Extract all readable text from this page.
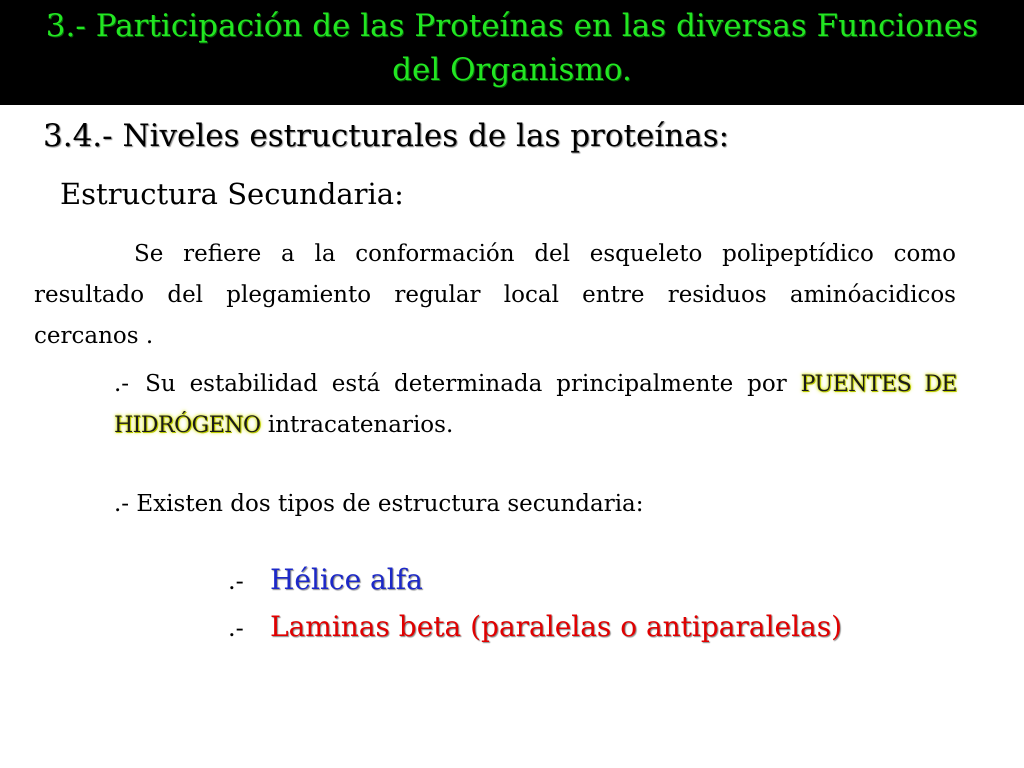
3.- Participación de las Proteínas en las diversas Funciones
del Organismo.
3.4.- Niveles estructurales de las proteínas:
Estructura Secundaria:
Se refiere a la conformación del esqueleto polipeptídico como resultado del plegamiento regular local entre residuos aminóacidicos cercanos .
.- Su estabilidad está determinada principalmente por PUENTES DE HIDRÓGENO intracatenarios.
.- Existen dos tipos de estructura secundaria:
.- Hélice alfa
.- Laminas beta (paralelas o antiparalelas)
